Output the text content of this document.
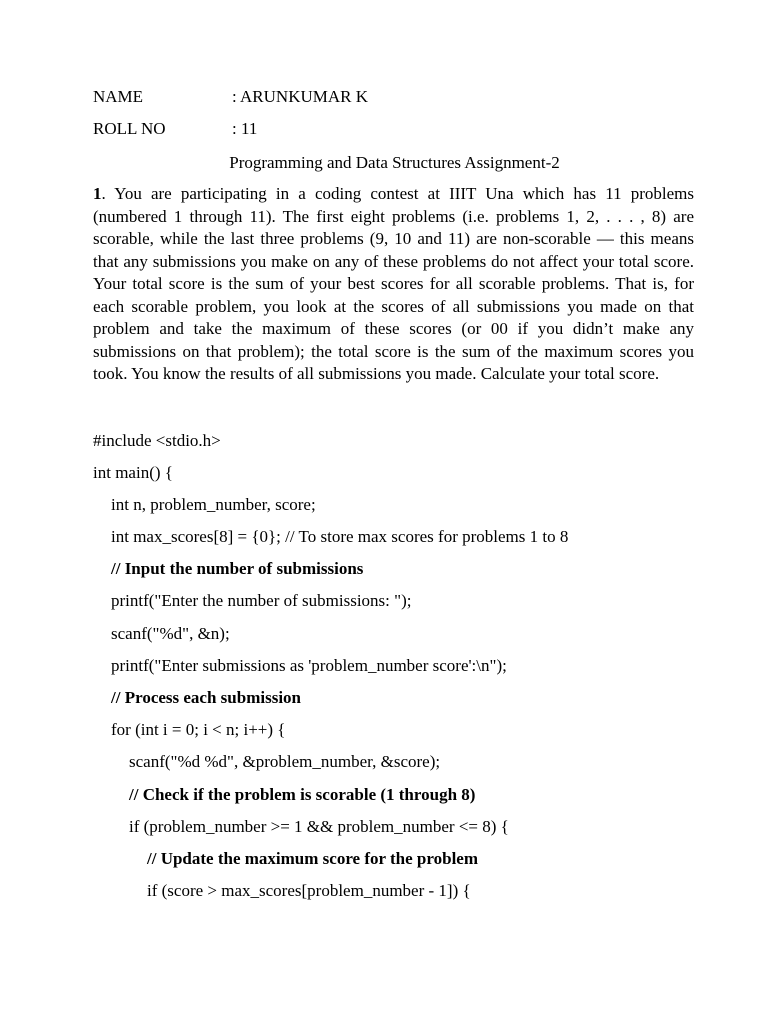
NAME	: ARUNKUMAR K
ROLL NO	: 11
Programming and Data Structures Assignment-2
1. You are participating in a coding contest at IIIT Una which has 11 problems (numbered 1 through 11). The first eight problems (i.e. problems 1, 2, . . . , 8) are scorable, while the last three problems (9, 10 and 11) are non-scorable — this means that any submissions you make on any of these problems do not affect your total score. Your total score is the sum of your best scores for all scorable problems. That is, for each scorable problem, you look at the scores of all submissions you made on that problem and take the maximum of these scores (or 00 if you didn’t make any submissions on that problem); the total score is the sum of the maximum scores you took. You know the results of all submissions you made. Calculate your total score.
#include <stdio.h>
int main() {
int n, problem_number, score;
int max_scores[8] = {0}; // To store max scores for problems 1 to 8
// Input the number of submissions
printf("Enter the number of submissions: ");
scanf("%d", &n);
printf("Enter submissions as 'problem_number score':\n");
// Process each submission
for (int i = 0; i < n; i++) {
scanf("%d %d", &problem_number, &score);
// Check if the problem is scorable (1 through 8)
if (problem_number >= 1 && problem_number <= 8) {
// Update the maximum score for the problem
if (score > max_scores[problem_number - 1]) {
